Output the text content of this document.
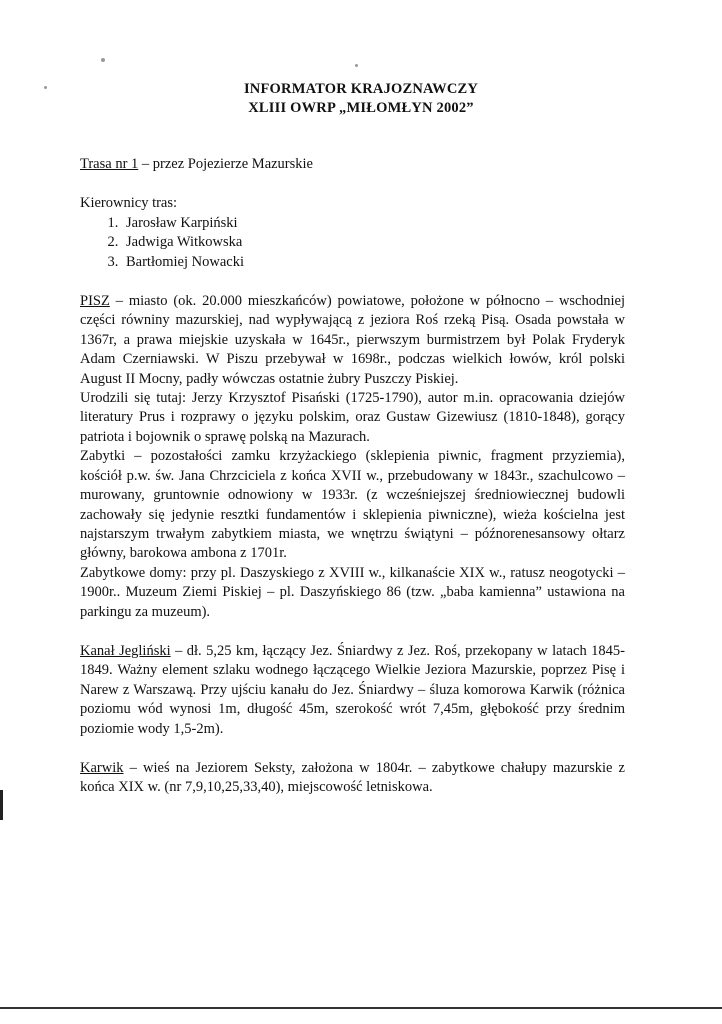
INFORMATOR KRAJOZNAWCZY
XLIII OWRP „MIŁOMŁYN 2002”

Trasa nr 1 – przez Pojezierze Mazurskie

Kierownicy tras:

1. Jarosław Karpiński
2. Jadwiga Witkowska
3. Bartłomiej Nowacki

PISZ – miasto (ok. 20.000 mieszkańców) powiatowe, położone w północno – wschodniej części równiny mazurskiej, nad wypływającą z jeziora Roś rzeką Pisą. Osada powstała w 1367r, a prawa miejskie uzyskała w 1645r., pierwszym burmistrzem był Polak Fryderyk Adam Czerniawski. W Piszu przebywał w 1698r., podczas wielkich łowów, król polski August II Mocny, padły wówczas ostatnie żubry Puszczy Piskiej.

Urodzili się tutaj: Jerzy Krzysztof Pisański (1725-1790), autor m.in. opracowania dziejów literatury Prus i rozprawy o języku polskim, oraz Gustaw Gizewiusz (1810-1848), gorący patriota i bojownik o sprawę polską na Mazurach.

Zabytki – pozostałości zamku krzyżackiego (sklepienia piwnic, fragment przyziemia), kościół p.w. św. Jana Chrzciciela z końca XVII w., przebudowany w 1843r., szachulcowo – murowany, gruntownie odnowiony w 1933r. (z wcześniejszej średniowiecznej budowli zachowały się jedynie resztki fundamentów i sklepienia piwniczne), wieża kościelna jest najstarszym trwałym zabytkiem miasta, we wnętrzu świątyni – późnorenesansowy ołtarz główny, barokowa ambona z 1701r.

Zabytkowe domy: przy pl. Daszyskiego z XVIII w., kilkanaście XIX w., ratusz neogotycki – 1900r.. Muzeum Ziemi Piskiej – pl. Daszyńskiego 86 (tzw. „baba kamienna” ustawiona na parkingu za muzeum).

Kanał Jegliński – dł. 5,25 km, łączący Jez. Śniardwy z Jez. Roś, przekopany w latach 1845-1849. Ważny element szlaku wodnego łączącego Wielkie Jeziora Mazurskie, poprzez Pisę i Narew z Warszawą. Przy ujściu kanału do Jez. Śniardwy – śluza komorowa Karwik (różnica poziomu wód wynosi 1m, długość 45m, szerokość wrót 7,45m, głębokość przy średnim poziomie wody 1,5-2m).

Karwik – wieś na Jeziorem Seksty, założona w 1804r. – zabytkowe chałupy mazurskie z końca XIX w. (nr 7,9,10,25,33,40), miejscowość letniskowa.
